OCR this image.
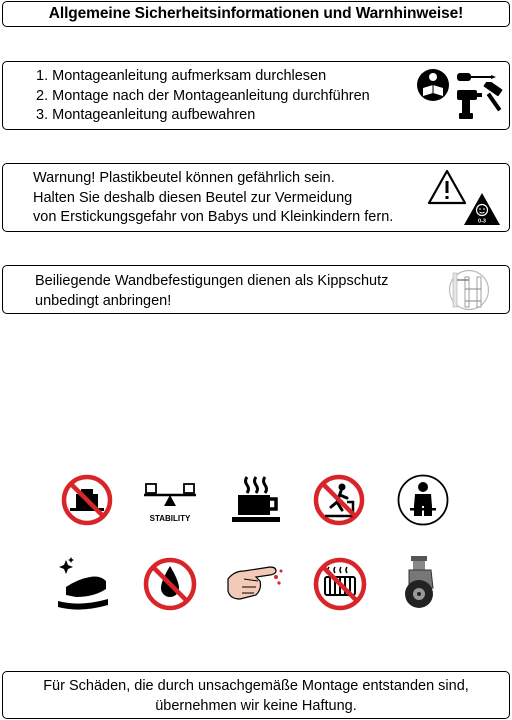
Allgemeine Sicherheitsinformationen und Warnhinweise!
1. Montageanleitung aufmerksam durchlesen
2. Montage nach der Montageanleitung durchführen
3. Montageanleitung aufbewahren
Warnung! Plastikbeutel können gefährlich sein.
Halten Sie deshalb diesen Beutel zur Vermeidung
von Erstickungsgefahr von Babys und Kleinkindern fern.	0-3
Beiliegende Wandbefestigungen dienen als Kippschutz
unbedingt anbringen!
STABILITY
Für Schäden, die durch unsachgemäße Montage entstanden sind,
übernehmen wir keine Haftung.
